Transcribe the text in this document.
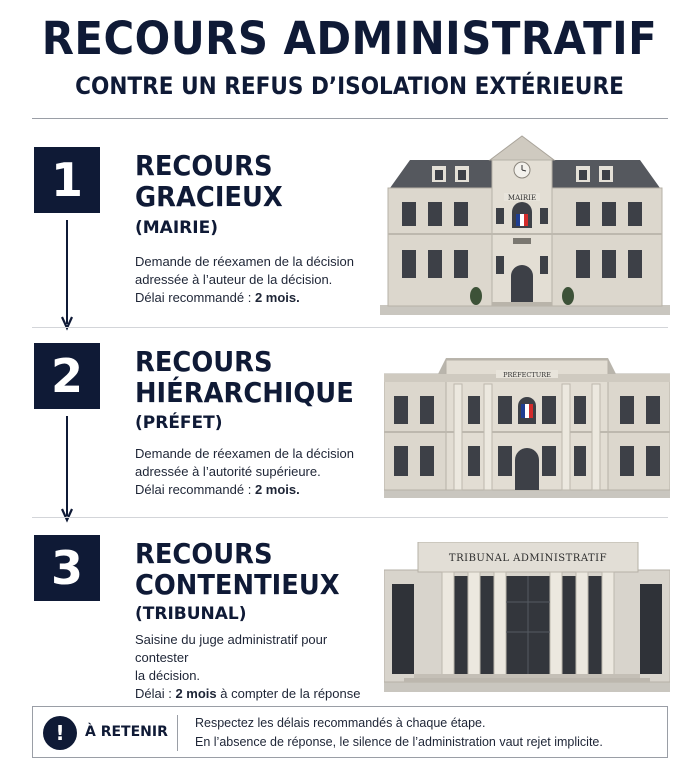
RECOURS ADMINISTRATIF
CONTRE UN REFUS D’ISOLATION EXTÉRIEURE
1	RECOURS
GRACIEUX
(MAIRIE)
Demande de réexamen de la décision
adressée à l’auteur de la décision.
Délai recommandé : 2 mois.
MAIRIE
2	RECOURS
HIÉRARCHIQUE
(PRÉFET)
Demande de réexamen de la décision
adressée à l’autorité supérieure.
Délai recommandé : 2 mois.
PRÉFECTURE
3	RECOURS
CONTENTIEUX
(TRIBUNAL)
Saisine du juge administratif pour contester
la décision.
Délai : 2 mois à compter de la réponse
TRIBUNAL ADMINISTRATIF
!	À RETENIR
Respectez les délais recommandés à chaque étape.
En l’absence de réponse, le silence de l’administration vaut rejet implicite.
